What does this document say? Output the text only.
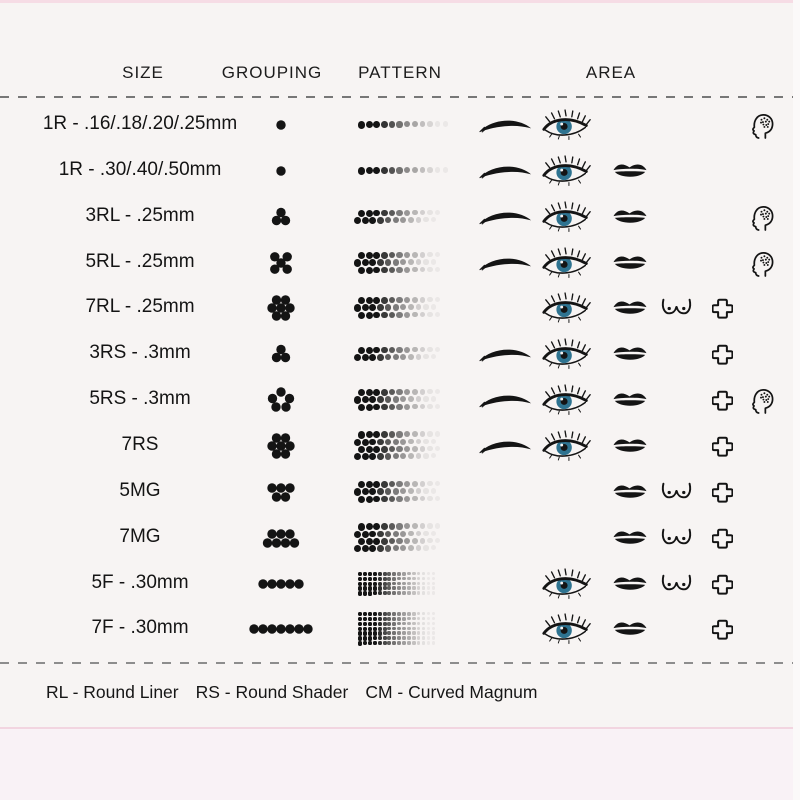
SIZE	GROUPING PATTERN	AREA
1R - .16/.18/.20/.25mm
1R - .30/.40/.50mm
3RL - .25mm
5RL - .25mm
7RL - .25mm
3RS - .3mm
5RS - .3mm
7RS
5MG
7MG
5F - .30mm
7F - .30mm
RL - Round Liner RS - Round Shader CM - Curved Magnum
